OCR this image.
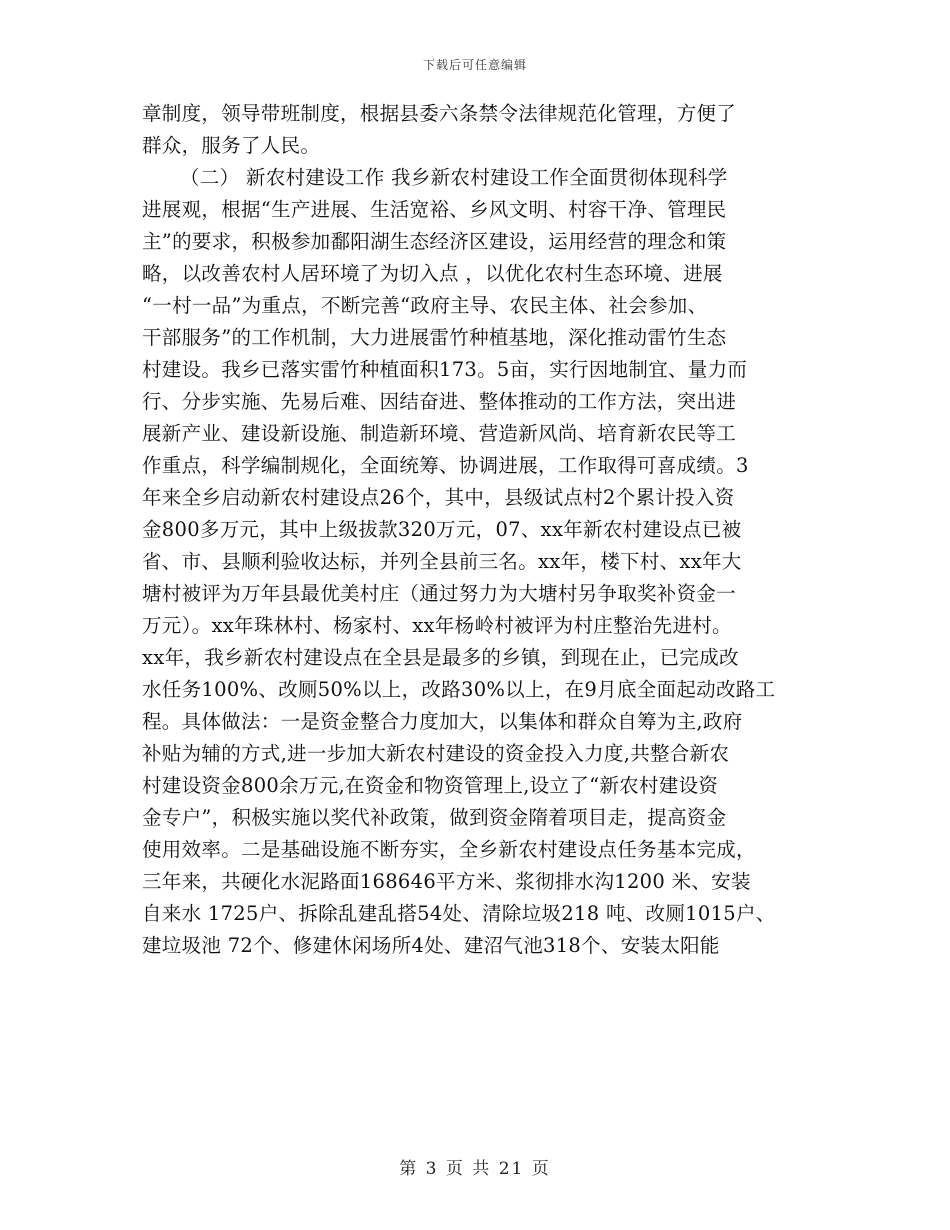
下载后可任意编辑
章制度，领导带班制度，根据县委六条禁令法律规范化管理，方便了
群众，服务了人民。
（二） 新农村建设工作 我乡新农村建设工作全面贯彻体现科学
进展观，根据“生产进展、生活宽裕、乡风文明、村容干净、管理民
主”的要求，积极参加鄱阳湖生态经济区建设，运用经营的理念和策
略，以改善农村人居环境了为切入点 ，以优化农村生态环境、进展
“一村一品”为重点，不断完善“政府主导、农民主体、社会参加、
干部服务”的工作机制，大力进展雷竹种植基地，深化推动雷竹生态
村建设。我乡已落实雷竹种植面积173。5亩，实行因地制宜、量力而
行、分步实施、先易后难、因结奋进、整体推动的工作方法，突出进
展新产业、建设新设施、制造新环境、营造新风尚、培育新农民等工
作重点，科学编制规化，全面统筹、协调进展，工作取得可喜成绩。3
年来全乡启动新农村建设点26个，其中，县级试点村2个累计投入资
金800多万元，其中上级拔款320万元，07、xx年新农村建设点已被
省、市、县顺利验收达标，并列全县前三名。xx年，楼下村、xx年大
塘村被评为万年县最优美村庄（通过努力为大塘村另争取奖补资金一
万元）。xx年珠林村、杨家村、xx年杨岭村被评为村庄整治先进村。
xx年，我乡新农村建设点在全县是最多的乡镇，到现在止，已完成改
水任务100%、改厕50%以上，改路30%以上，在9月底全面起动改路工
程。具体做法：一是资金整合力度加大，以集体和群众自筹为主,政府
补贴为辅的方式,进一步加大新农村建设的资金投入力度,共整合新农
村建设资金800余万元,在资金和物资管理上,设立了“新农村建设资
金专户”，积极实施以奖代补政策，做到资金隋着项目走，提高资金
使用效率。二是基础设施不断夯实，全乡新农村建设点任务基本完成，
三年来，共硬化水泥路面168646平方米、浆彻排水沟1200 米、安装
自来水 1725户、拆除乱建乱搭54处、清除垃圾218 吨、改厕1015户、
建垃圾池 72个、修建休闲场所4处、建沼气池318个、安装太阳能
第 3 页 共 21 页
